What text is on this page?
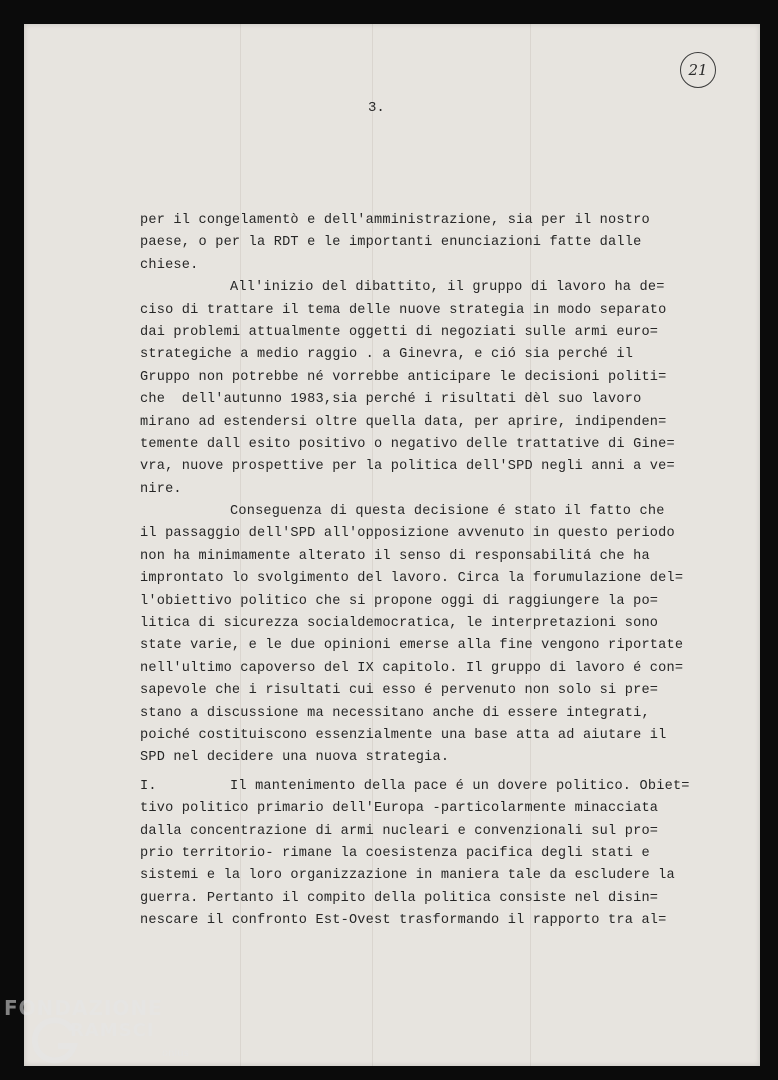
21
3.
per il congelamentò e dell'amministrazione, sia per il nostro
paese, o per la RDT e le importanti enunciazioni fatte dalle
chiese.
All'inizio del dibattito, il gruppo di lavoro ha de=
ciso di trattare il tema delle nuove strategia in modo separato
dai problemi attualmente oggetti di negoziati sulle armi euro=
strategiche a medio raggio . a Ginevra, e ció sia perché il
Gruppo non potrebbe né vorrebbe anticipare le decisioni politi=
che  dell'autunno 1983,sia perché i risultati dèl suo lavoro
mirano ad estendersi oltre quella data, per aprire, indipenden=
temente dall esito positivo o negativo delle trattative di Gine=
vra, nuove prospettive per la politica dell'SPD negli anni a ve=
nire.
Conseguenza di questa decisione é stato il fatto che
il passaggio dell'SPD all'opposizione avvenuto in questo periodo
non ha minimamente alterato il senso di responsabilitá che ha
improntato lo svolgimento del lavoro. Circa la forumulazione del=
l'obiettivo politico che si propone oggi di raggiungere la po=
litica di sicurezza socialdemocratica, le interpretazioni sono
state varie, e le due opinioni emerse alla fine vengono riportate
nell'ultimo capoverso del IX capitolo. Il gruppo di lavoro é con=
sapevole che i risultati cui esso é pervenuto non solo si pre=
stano a discussione ma necessitano anche di essere integrati,
poiché costituiscono essenzialmente una base atta ad aiutare il
SPD nel decidere una nuova strategia.
I.	Il mantenimento della pace é un dovere politico. Obiet=
tivo politico primario dell'Europa -particolarmente minacciata
dalla concentrazione di armi nucleari e convenzionali sul pro=
prio territorio- rimane la coesistenza pacifica degli stati e
sistemi e la loro organizzazione in maniera tale da escludere la
guerra. Pertanto il compito della politica consiste nel disin=
nescare il confronto Est-Ovest trasformando il rapporto tra al=
FONDAZIONE
RAMSCI
onlus
